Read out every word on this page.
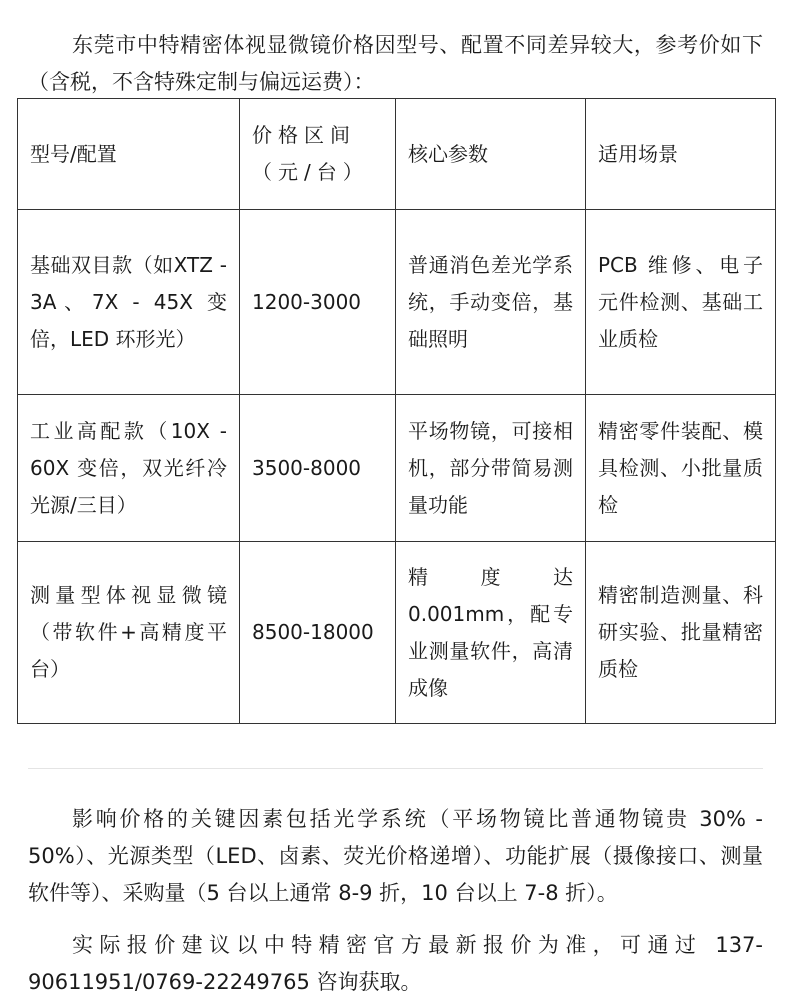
东莞市中特精密体视显微镜价格因型号、配置不同差异较大，参考价如下（含税，不含特殊定制与偏远运费）：

型号/配置	价格区间（元/台）	核心参数	适用场景
基础双目款（如XTZ - 3A、7X - 45X 变倍，LED 环形光）	1200-3000	普通消色差光学系统，手动变倍，基础照明	PCB 维修、电子元件检测、基础工业质检
工业高配款（10X - 60X 变倍，双光纤冷光源/三目）	3500-8000	平场物镜，可接相机，部分带简易测量功能	精密零件装配、模具检测、小批量质检
测量型体视显微镜（带软件+高精度平台）	8500-18000	精度达 0.001mm，配专业测量软件，高清成像	精密制造测量、科研实验、批量精密质检

影响价格的关键因素包括光学系统（平场物镜比普通物镜贵 30% - 50%）、光源类型（LED、卤素、荧光价格递增）、功能扩展（摄像接口、测量软件等）、采购量（5 台以上通常 8-9 折，10 台以上 7-8 折）。

实际报价建议以中特精密官方最新报价为准，可通过 137-90611951/0769-22249765 咨询获取。
